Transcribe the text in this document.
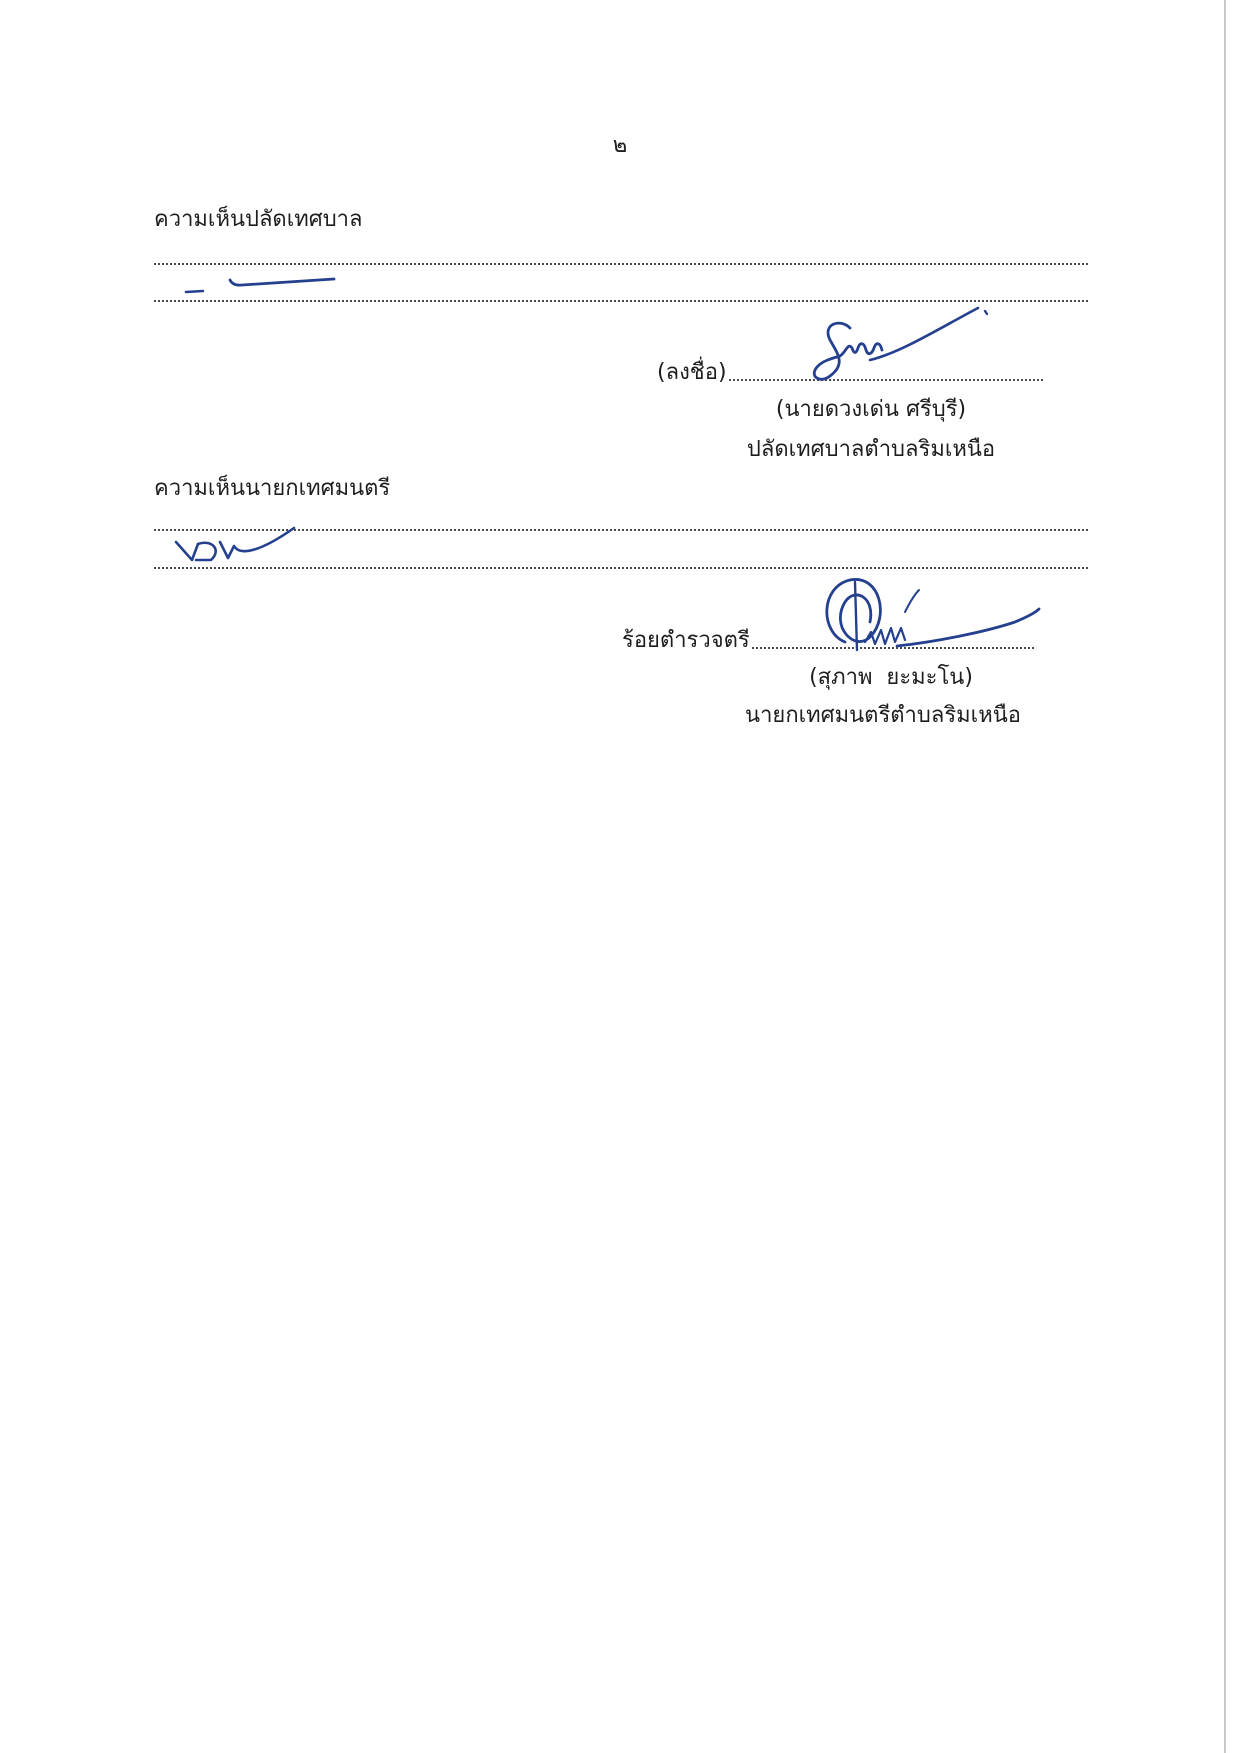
๒
ความเห็นปลัดเทศบาล
(ลงชื่อ)
(นายดวงเด่น ศรีบุรี)
ปลัดเทศบาลตำบลริมเหนือ
ความเห็นนายกเทศมนตรี
ร้อยตำรวจตรี
(สุภาพ  ยะมะโน)
นายกเทศมนตรีตำบลริมเหนือ
